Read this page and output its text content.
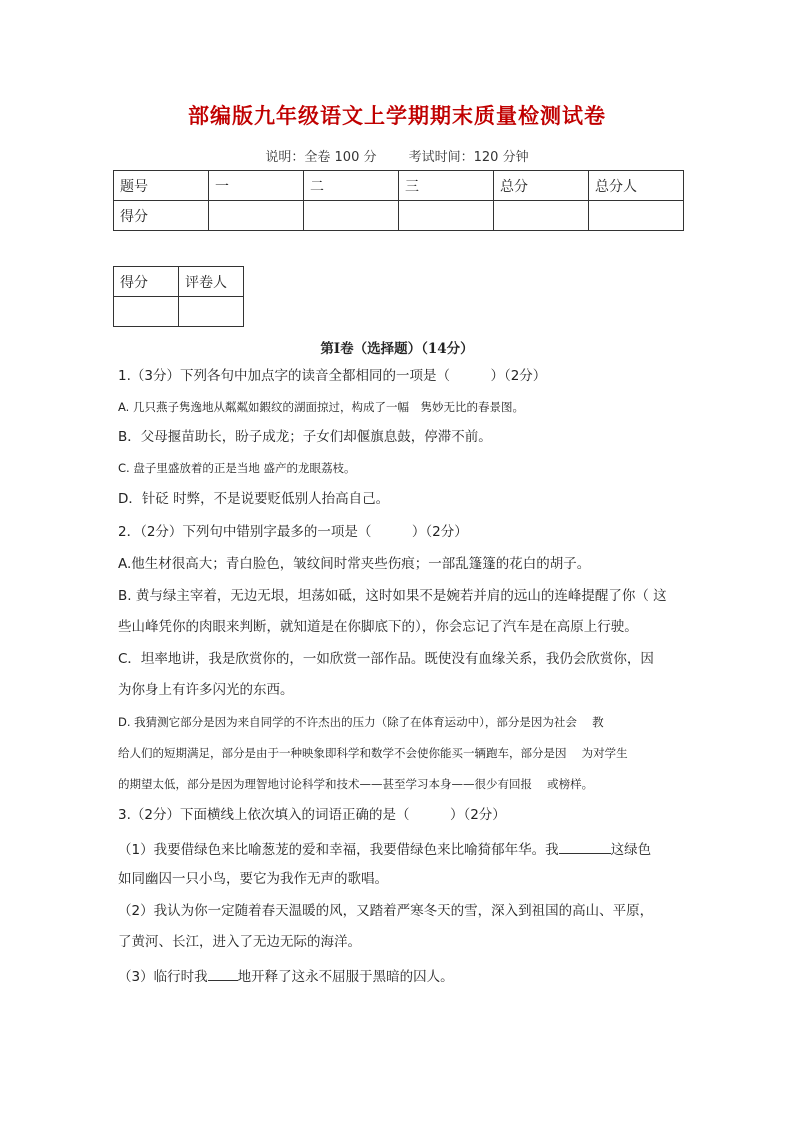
部编版九年级语文上学期期末质量检测试卷
说明：全卷 100 分 考试时间：120 分钟
题号	一	二	三	总分	总分人
得分					
得分	评卷人

第Ⅰ卷（选择题）（14分）
1.（3分）下列各句中加点字的读音全都相同的一项是（　　　）（2分）
A. 几只燕子隽逸地从粼粼如鍜纹的湖面掠过，构成了一幅　隽妙无比的春景图。
B．父母揠苗助长，盼子成龙；子女们却偃旗息鼓，停滞不前。
C. 盘子里盛放着的正是当地 盛产的龙眼荔枝。
D．针砭 时弊，不是说要贬低别人抬高自己。
2．（2分）下列句中错别字最多的一项是（　　　）（2分）
A.他生材很高大；青白脸色，皱纹间时常夹些伤痕；一部乱篷篷的花白的胡子。
B. 黄与绿主宰着，无边无垠，坦荡如砥，这时如果不是婉若并肩的远山的连峰提醒了你（ 这
些山峰凭你的肉眼来判断，就知道是在你脚底下的），你会忘记了汽车是在高原上行驶。
C．坦率地讲，我是欣赏你的，一如欣赏一部作品。既使没有血缘关系，我仍会欣赏你，因
为你身上有许多闪光的东西。
D. 我猜测它部分是因为来自同学的不许杰出的压力（除了在体育运动中），部分是因为社会　 教
给人们的短期满足，部分是由于一种映象即科学和数学不会使你能买一辆跑车，部分是因　 为对学生
的期望太低，部分是因为理智地讨论科学和技术——甚至学习本身——很少有回报　 或榜样。
3.（2分）下面横线上依次填入的词语正确的是（　　　）（2分）
（1）我要借绿色来比喻葱茏的爱和幸福，我要借绿色来比喻猗郁年华。我	这绿色
如同幽囚一只小鸟，要它为我作无声的歌唱。
（2）我认为你一定随着春天温暖的风，又踏着严寒冬天的雪，深入到祖国的高山、平原，
了黄河、长江，进入了无边无际的海洋。
（3）临行时我 地开释了这永不屈服于黑暗的囚人。
